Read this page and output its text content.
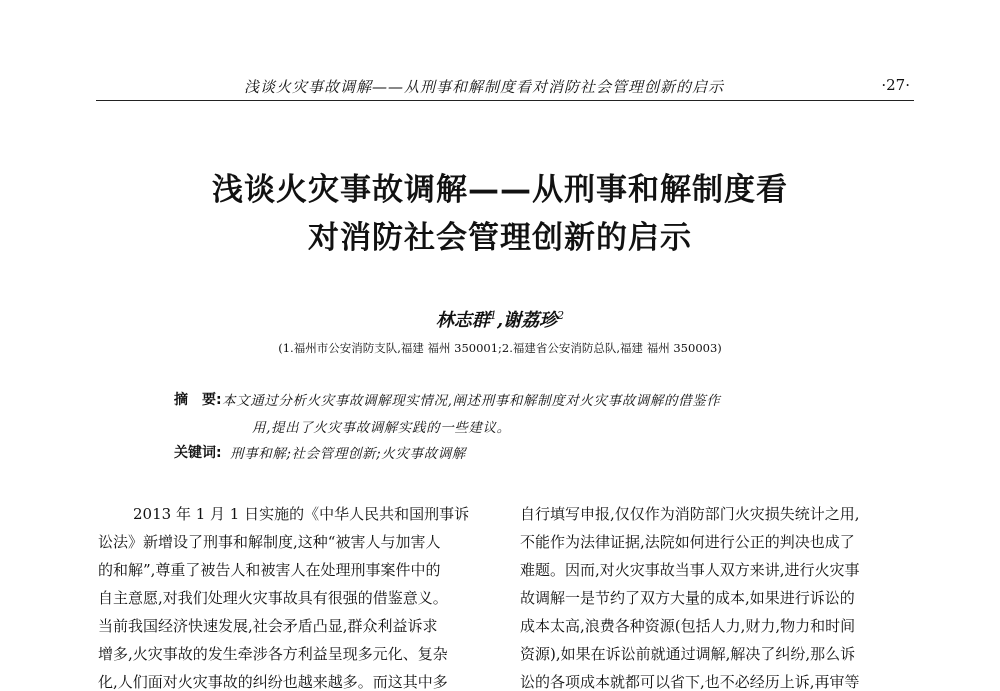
浅谈火灾事故调解——从刑事和解制度看对消防社会管理创新的启示	·27·
浅谈火灾事故调解——从刑事和解制度看
对消防社会管理创新的启示
林志群$^1$,谢荔珍$^2$
(1.福州市公安消防支队,福建 福州 350001;2.福建省公安消防总队,福建 福州 350003)
摘　要: 本文通过分析火灾事故调解现实情况,阐述刑事和解制度对火灾事故调解的借鉴作
用,提出了火灾事故调解实践的一些建议。
关键词: 刑事和解;社会管理创新;火灾事故调解
2013 年 1 月 1 日实施的《中华人民共和国刑事诉
讼法》新增设了刑事和解制度,这种“被害人与加害人
的和解”,尊重了被告人和被害人在处理刑事案件中的
自主意愿,对我们处理火灾事故具有很强的借鉴意义。
当前我国经济快速发展,社会矛盾凸显,群众利益诉求
增多,火灾事故的发生牵涉各方利益呈现多元化、复杂
化,人们面对火灾事故的纠纷也越来越多。而这其中多
自行填写申报,仅仅作为消防部门火灾损失统计之用,
不能作为法律证据,法院如何进行公正的判决也成了
难题。因而,对火灾事故当事人双方来讲,进行火灾事
故调解一是节约了双方大量的成本,如果进行诉讼的
成本太高,浪费各种资源(包括人力,财力,物力和时间
资源),如果在诉讼前就通过调解,解决了纠纷,那么诉
讼的各项成本就都可以省下,也不必经历上诉,再审等
